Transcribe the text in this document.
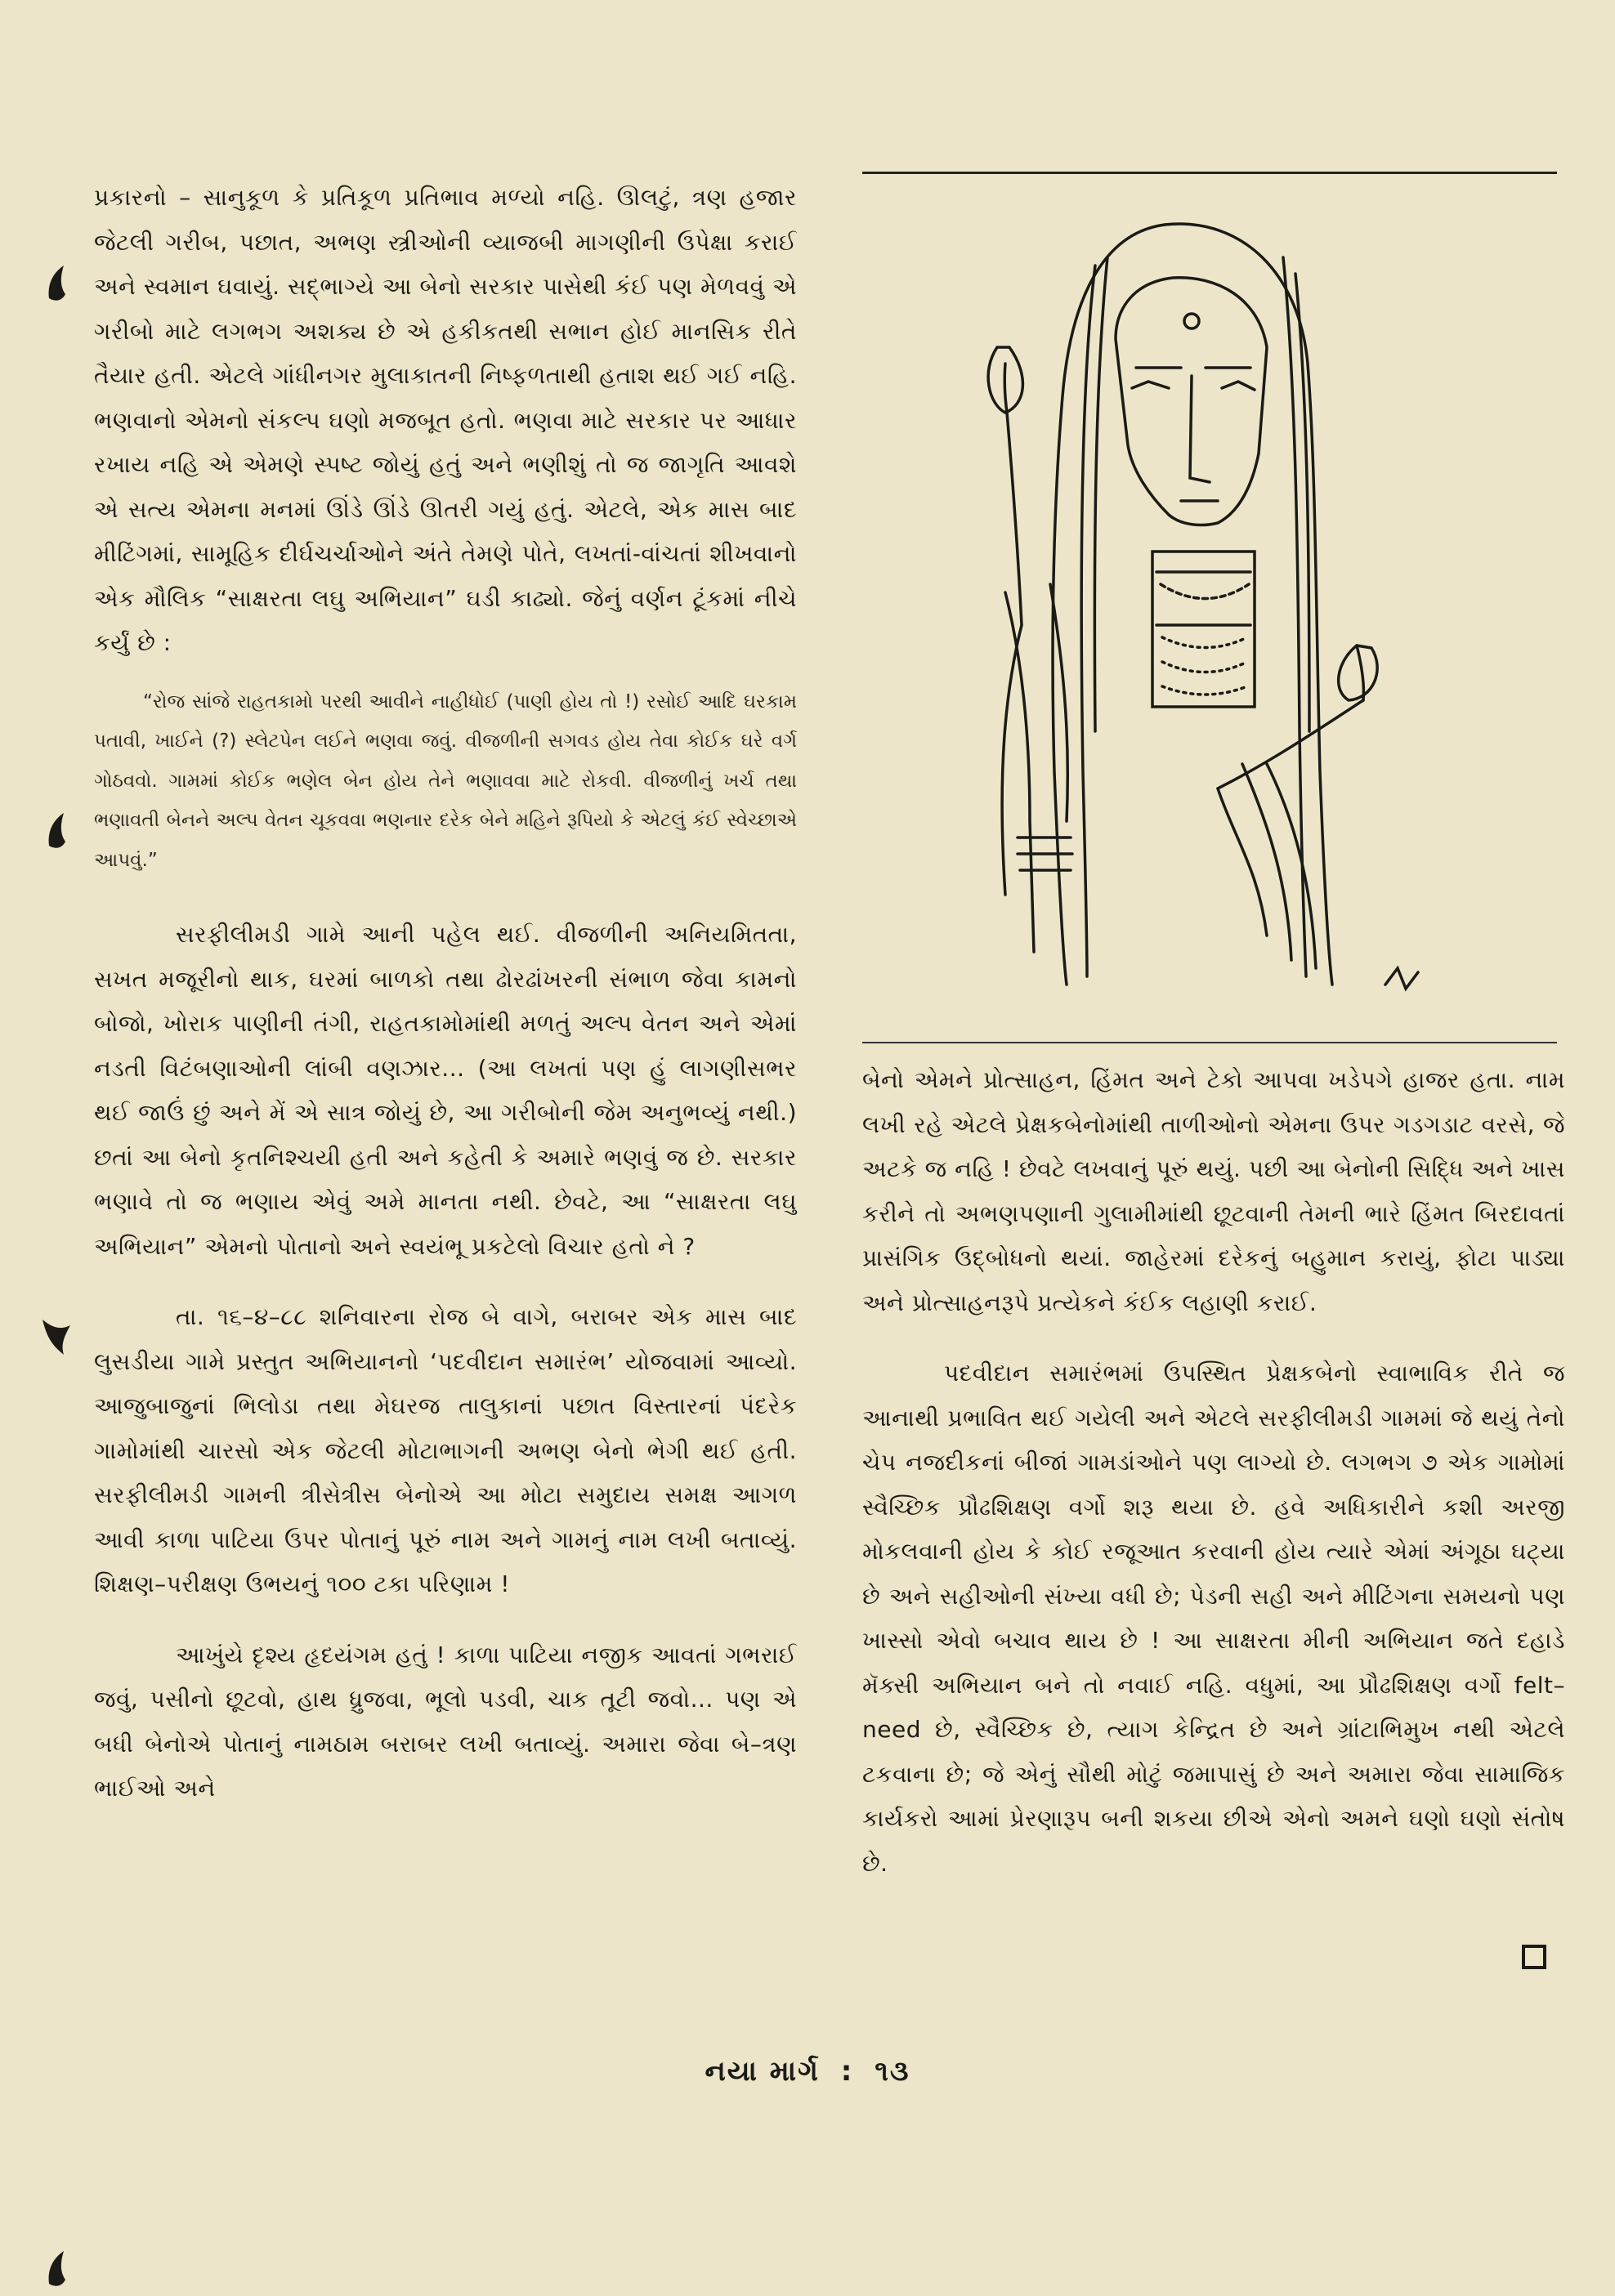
પ્રકારનો – સાનુકૂળ કે પ્રતિકૂળ પ્રતિભાવ મળ્યો નહિ. ઊલટું, ત્રણ હજાર જેટલી ગરીબ, પછાત, અભણ સ્ત્રીઓની વ્યાજબી માગણીની ઉપેક્ષા કરાઈ અને સ્વમાન ઘવાયું. સદ્ભાગ્યે આ બેનો સરકાર પાસેથી કંઈ પણ મેળવવું એ ગરીબો માટે લગભગ અશક્ય છે એ હકીકતથી સભાન હોઈ માનસિક રીતે તૈયાર હતી. એટલે ગાંધીનગર મુલાકાતની નિષ્ફળતાથી હતાશ થઈ ગઈ નહિ. ભણવાનો એમનો સંકલ્પ ઘણો મજબૂત હતો. ભણવા માટે સરકાર પર આધાર રખાય નહિ એ એમણે સ્પષ્ટ જોયું હતું અને ભણીશું તો જ જાગૃતિ આવશે એ સત્ય એમના મનમાં ઊંડે ઊંડે ઊતરી ગયું હતું. એટલે, એક માસ બાદ મીટિંગમાં, સામૂહિક દીર્ઘચર્ચાઓને અંતે તેમણે પોતે, લખતાં-વાંચતાં શીખવાનો એક મૌલિક “સાક્ષરતા લઘુ અભિયાન” ઘડી કાઢ્યો. જેનું વર્ણન ટૂંકમાં નીચે કર્યું છે :

“રોજ સાંજે રાહતકામો પરથી આવીને નાહીધોઈ (પાણી હોય તો !) રસોઈ આદિ ઘરકામ પતાવી, ખાઈને (?) સ્લેટપેન લઈને ભણવા જવું. વીજળીની સગવડ હોય તેવા કોઈક ઘરે વર્ગ ગોઠવવો. ગામમાં કોઈક ભણેલ બેન હોય તેને ભણાવવા માટે રોકવી. વીજળીનું ખર્ચ તથા ભણાવતી બેનને અલ્પ વેતન ચૂકવવા ભણનાર દરેક બેને મહિને રૂપિયો કે એટલું કંઈ સ્વેચ્છાએ આપવું.”

સરફીલીમડી ગામે આની પહેલ થઈ. વીજળીની અનિયમિતતા, સખત મજૂરીનો થાક, ઘરમાં બાળકો તથા ઢોરઢાંખરની સંભાળ જેવા કામનો બોજો, ખોરાક પાણીની તંગી, રાહતકામોમાંથી મળતું અલ્પ વેતન અને એમાં નડતી વિટંબણાઓની લાંબી વણઝાર... (આ લખતાં પણ હું લાગણીસભર થઈ જાઉં છું અને મેં એ સાત્ર જોયું છે, આ ગરીબોની જેમ અનુભવ્યું નથી.) છતાં આ બેનો કૃતનિશ્ચયી હતી અને કહેતી કે અમારે ભણવું જ છે. સરકાર ભણાવે તો જ ભણાય એવું અમે માનતા નથી. છેવટે, આ “સાક્ષરતા લઘુ અભિયાન” એમનો પોતાનો અને સ્વયંભૂ પ્રકટેલો વિચાર હતો ને ?

તા. ૧૬–૪–૮૮ શનિવારના રોજ બે વાગે, બરાબર એક માસ બાદ લુસડીયા ગામે પ્રસ્તુત અભિયાનનો ‘પદવીદાન સમારંભ’ યોજવામાં આવ્યો. આજુબાજુનાં ભિલોડા તથા મેઘરજ તાલુકાનાં પછાત વિસ્તારનાં પંદરેક ગામોમાંથી ચારસો એક જેટલી મોટાભાગની અભણ બેનો ભેગી થઈ હતી. સરફીલીમડી ગામની ત્રીસેત્રીસ બેનોએ આ મોટા સમુદાય સમક્ષ આગળ આવી કાળા પાટિયા ઉપર પોતાનું પૂરું નામ અને ગામનું નામ લખી બતાવ્યું. શિક્ષણ–પરીક્ષણ ઉભયનું ૧૦૦ ટકા પરિણામ !

આખુંયે દૃશ્ય હૃદયંગમ હતું ! કાળા પાટિયા નજીક આવતાં ગભરાઈ જવું, પસીનો છૂટવો, હાથ ધ્રુજવા, ભૂલો પડવી, ચાક તૂટી જવો... પણ એ બધી બેનોએ પોતાનું નામઠામ બરાબર લખી બતાવ્યું. અમારા જેવા બે–ત્રણ ભાઈઓ અને

બેનો એમને પ્રોત્સાહન, હિંમત અને ટેકો આપવા ખડેપગે હાજર હતા. નામ લખી રહે એટલે પ્રેક્ષકબેનોમાંથી તાળીઓનો એમના ઉપર ગડગડાટ વરસે, જે અટકે જ નહિ ! છેવટે લખવાનું પૂરું થયું. પછી આ બેનોની સિદ્ધિ અને ખાસ કરીને તો અભણપણાની ગુલામીમાંથી છૂટવાની તેમની ભારે હિંમત બિરદાવતાં પ્રાસંગિક ઉદ્બોધનો થયાં. જાહેરમાં દરેકનું બહુમાન કરાયું, ફોટા પાડ્યા અને પ્રોત્સાહનરૂપે પ્રત્યેકને કંઈક લહાણી કરાઈ.

પદવીદાન સમારંભમાં ઉપસ્થિત પ્રેક્ષકબેનો સ્વાભાવિક રીતે જ આનાથી પ્રભાવિત થઈ ગયેલી અને એટલે સરફીલીમડી ગામમાં જે થયું તેનો ચેપ નજદીકનાં બીજાં ગામડાંઓને પણ લાગ્યો છે. લગભગ ૭ એક ગામોમાં સ્વૈચ્છિક પ્રૌઢશિક્ષણ વર્ગો શરૂ થયા છે. હવે અધિકારીને કશી અરજી મોકલવાની હોય કે કોઈ રજૂઆત કરવાની હોય ત્યારે એમાં અંગૂઠા ઘટ્યા છે અને સહીઓની સંખ્યા વધી છે; પેડની સહી અને મીટિંગના સમયનો પણ ખાસ્સો એવો બચાવ થાય છે ! આ સાક્ષરતા મીની અભિયાન જતે દહાડે મૅક્સી અભિયાન બને તો નવાઈ નહિ. વધુમાં, આ પ્રૌઢશિક્ષણ વર્ગો felt–need છે, સ્વૈચ્છિક છે, ત્યાગ કેન્દ્રિત છે અને ગ્રાંટાભિમુખ નથી એટલે ટકવાના છે; જે એનું સૌથી મોટું જમાપાસું છે અને અમારા જેવા સામાજિક કાર્યકરો આમાં પ્રેરણારૂપ બની શકયા છીએ એનો અમને ઘણો ઘણો સંતોષ છે.

નયા માર્ગ : ૧૩
